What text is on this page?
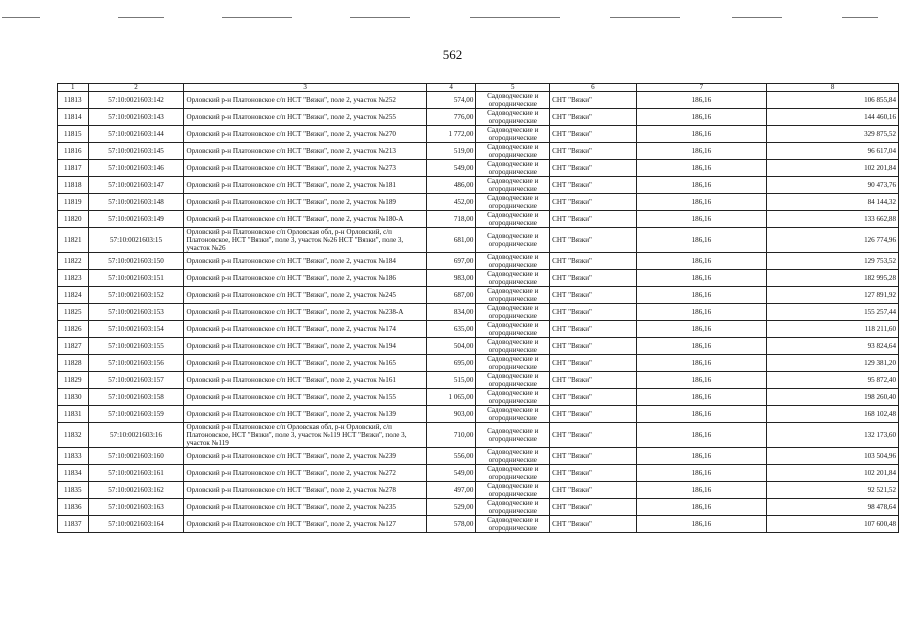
562
1	2	3	4	5	6	7	8
11813	57:10:0021603:142	Орловский р-н Платоновское с/п НСТ "Вязки", поле 2, участок №252	574,00	Садоводческие и огороднические	СНТ "Вязки"	186,16	106 855,84
11814	57:10:0021603:143	Орловский р-н Платоновское с/п НСТ "Вязки", поле 2, участок №255	776,00	Садоводческие и огороднические	СНТ "Вязки"	186,16	144 460,16
11815	57:10:0021603:144	Орловский р-н Платоновское с/п НСТ "Вязки", поле 2, участок №270	1 772,00	Садоводческие и огороднические	СНТ "Вязки"	186,16	329 875,52
11816	57:10:0021603:145	Орловский р-н Платоновское с/п НСТ "Вязки", поле 2, участок №213	519,00	Садоводческие и огороднические	СНТ "Вязки"	186,16	96 617,04
11817	57:10:0021603:146	Орловский р-н Платоновское с/п НСТ "Вязки", поле 2, участок №273	549,00	Садоводческие и огороднические	СНТ "Вязки"	186,16	102 201,84
11818	57:10:0021603:147	Орловский р-н Платоновское с/п НСТ "Вязки", поле 2, участок №181	486,00	Садоводческие и огороднические	СНТ "Вязки"	186,16	90 473,76
11819	57:10:0021603:148	Орловский р-н Платоновское с/п НСТ "Вязки", поле 2, участок №189	452,00	Садоводческие и огороднические	СНТ "Вязки"	186,16	84 144,32
11820	57:10:0021603:149	Орловский р-н Платоновское с/п НСТ "Вязки", поле 2, участок №180-А	718,00	Садоводческие и огороднические	СНТ "Вязки"	186,16	133 662,88
11821	57:10:0021603:15	Орловский р-н Платоновское с/п Орловская обл, р-н Орловский, с/п Платоновское, НСТ "Вязки", поле 3, участок №26 НСТ "Вязки", поле 3, участок №26	681,00	Садоводческие и огороднические	СНТ "Вязки"	186,16	126 774,96
11822	57:10:0021603:150	Орловский р-н Платоновское с/п НСТ "Вязки", поле 2, участок №184	697,00	Садоводческие и огороднические	СНТ "Вязки"	186,16	129 753,52
11823	57:10:0021603:151	Орловский р-н Платоновское с/п НСТ "Вязки", поле 2, участок №186	983,00	Садоводческие и огороднические	СНТ "Вязки"	186,16	182 995,28
11824	57:10:0021603:152	Орловский р-н Платоновское с/п НСТ "Вязки", поле 2, участок №245	687,00	Садоводческие и огороднические	СНТ "Вязки"	186,16	127 891,92
11825	57:10:0021603:153	Орловский р-н Платоновское с/п НСТ "Вязки", поле 2, участок №238-А	834,00	Садоводческие и огороднические	СНТ "Вязки"	186,16	155 257,44
11826	57:10:0021603:154	Орловский р-н Платоновское с/п НСТ "Вязки", поле 2, участок №174	635,00	Садоводческие и огороднические	СНТ "Вязки"	186,16	118 211,60
11827	57:10:0021603:155	Орловский р-н Платоновское с/п НСТ "Вязки", поле 2, участок №194	504,00	Садоводческие и огороднические	СНТ "Вязки"	186,16	93 824,64
11828	57:10:0021603:156	Орловский р-н Платоновское с/п НСТ "Вязки", поле 2, участок №165	695,00	Садоводческие и огороднические	СНТ "Вязки"	186,16	129 381,20
11829	57:10:0021603:157	Орловский р-н Платоновское с/п НСТ "Вязки", поле 2, участок №161	515,00	Садоводческие и огороднические	СНТ "Вязки"	186,16	95 872,40
11830	57:10:0021603:158	Орловский р-н Платоновское с/п НСТ "Вязки", поле 2, участок №155	1 065,00	Садоводческие и огороднические	СНТ "Вязки"	186,16	198 260,40
11831	57:10:0021603:159	Орловский р-н Платоновское с/п НСТ "Вязки", поле 2, участок №139	903,00	Садоводческие и огороднические	СНТ "Вязки"	186,16	168 102,48
11832	57:10:0021603:16	Орловский р-н Платоновское с/п Орловская обл, р-н Орловский, с/п Платоновское, НСТ "Вязки", поле 3, участок №119 НСТ "Вязки", поле 3, участок №119	710,00	Садоводческие и огороднические	СНТ "Вязки"	186,16	132 173,60
11833	57:10:0021603:160	Орловский р-н Платоновское с/п НСТ "Вязки", поле 2, участок №239	556,00	Садоводческие и огороднические	СНТ "Вязки"	186,16	103 504,96
11834	57:10:0021603:161	Орловский р-н Платоновское с/п НСТ "Вязки", поле 2, участок №272	549,00	Садоводческие и огороднические	СНТ "Вязки"	186,16	102 201,84
11835	57:10:0021603:162	Орловский р-н Платоновское с/п НСТ "Вязки", поле 2, участок №278	497,00	Садоводческие и огороднические	СНТ "Вязки"	186,16	92 521,52
11836	57:10:0021603:163	Орловский р-н Платоновское с/п НСТ "Вязки", поле 2, участок №235	529,00	Садоводческие и огороднические	СНТ "Вязки"	186,16	98 478,64
11837	57:10:0021603:164	Орловский р-н Платоновское с/п НСТ "Вязки", поле 2, участок №127	578,00	Садоводческие и огороднические	СНТ "Вязки"	186,16	107 600,48
